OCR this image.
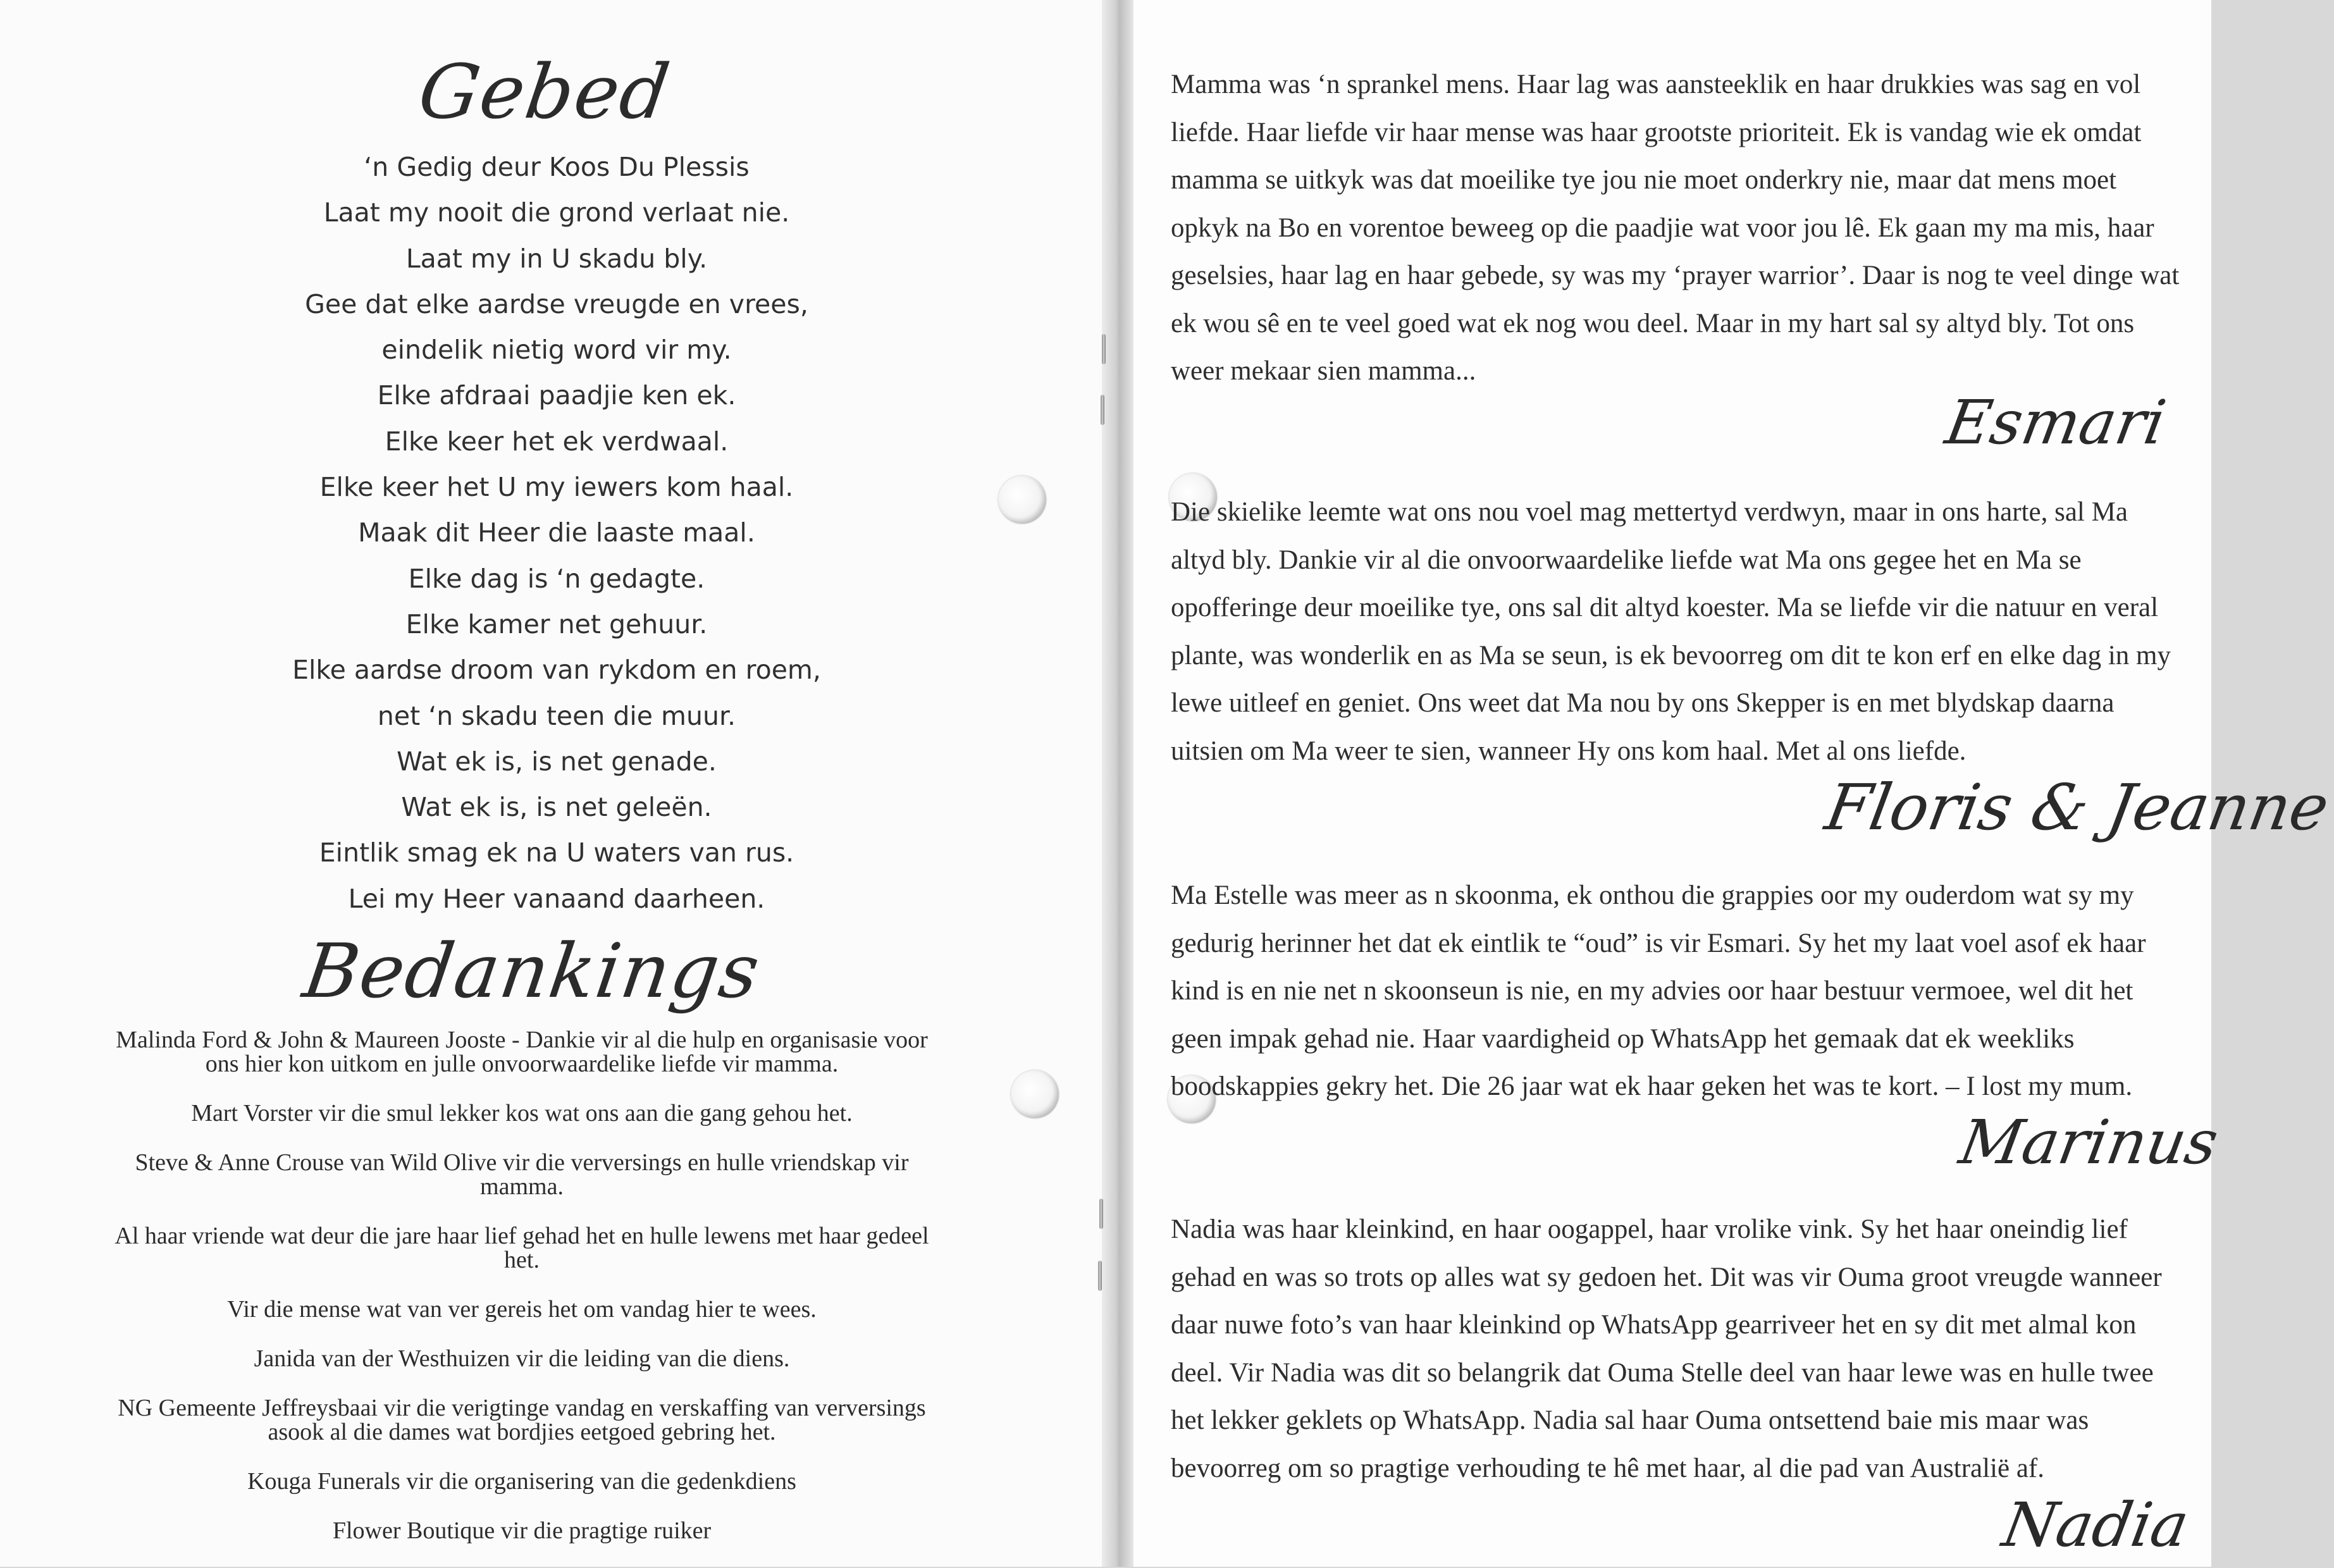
Gebed
‘n Gedig deur Koos Du Plessis
Laat my nooit die grond verlaat nie.
Laat my in U skadu bly.
Gee dat elke aardse vreugde en vrees,
eindelik nietig word vir my.
Elke afdraai paadjie ken ek.
Elke keer het ek verdwaal.
Elke keer het U my iewers kom haal.
Maak dit Heer die laaste maal.
Elke dag is ‘n gedagte.
Elke kamer net gehuur.
Elke aardse droom van rykdom en roem,
net ‘n skadu teen die muur.
Wat ek is, is net genade.
Wat ek is, is net geleën.
Eintlik smag ek na U waters van rus.
Lei my Heer vanaand daarheen.
Bedankings
Malinda Ford & John & Maureen Jooste - Dankie vir al die hulp en organisasie voor ons hier kon uitkom en julle onvoorwaardelike liefde vir mamma.
Mart Vorster vir die smul lekker kos wat ons aan die gang gehou het.
Steve & Anne Crouse van Wild Olive vir die verversings en hulle vriendskap vir mamma.
Al haar vriende wat deur die jare haar lief gehad het en hulle lewens met haar gedeel het.
Vir die mense wat van ver gereis het om vandag hier te wees.
Janida van der Westhuizen vir die leiding van die diens.
NG Gemeente Jeffreysbaai vir die verigtinge vandag en verskaffing van verversings asook al die dames wat bordjies eetgoed gebring het.
Kouga Funerals vir die organisering van die gedenkdiens
Flower Boutique vir die pragtige ruiker

Mamma was ‘n sprankel mens. Haar lag was aansteeklik en haar drukkies was sag en vol liefde. Haar liefde vir haar mense was haar grootste prioriteit. Ek is vandag wie ek omdat mamma se uitkyk was dat moeilike tye jou nie moet onderkry nie, maar dat mens moet opkyk na Bo en vorentoe beweeg op die paadjie wat voor jou lê. Ek gaan my ma mis, haar geselsies, haar lag en haar gebede, sy was my ‘prayer warrior’. Daar is nog te veel dinge wat ek wou sê en te veel goed wat ek nog wou deel. Maar in my hart sal sy altyd bly. Tot ons weer mekaar sien mamma...

Esmari

Die skielike leemte wat ons nou voel mag mettertyd verdwyn, maar in ons harte, sal Ma altyd bly. Dankie vir al die onvoorwaardelike liefde wat Ma ons gegee het en Ma se opofferinge deur moeilike tye, ons sal dit altyd koester. Ma se liefde vir die natuur en veral plante, was wonderlik en as Ma se seun, is ek bevoorreg om dit te kon erf en elke dag in my lewe uitleef en geniet. Ons weet dat Ma nou by ons Skepper is en met blydskap daarna uitsien om Ma weer te sien, wanneer Hy ons kom haal. Met al ons liefde.

Floris & Jeanne

Ma Estelle was meer as n skoonma, ek onthou die grappies oor my ouderdom wat sy my gedurig herinner het dat ek eintlik te “oud” is vir Esmari. Sy het my laat voel asof ek haar kind is en nie net n skoonseun is nie, en my advies oor haar bestuur vermoee, wel dit het geen impak gehad nie. Haar vaardigheid op WhatsApp het gemaak dat ek weekliks boodskappies gekry het. Die 26 jaar wat ek haar geken het was te kort. – I lost my mum.

Marinus

Nadia was haar kleinkind, en haar oogappel, haar vrolike vink. Sy het haar oneindig lief gehad en was so trots op alles wat sy gedoen het. Dit was vir Ouma groot vreugde wanneer daar nuwe foto’s van haar kleinkind op WhatsApp gearriveer het en sy dit met almal kon deel. Vir Nadia was dit so belangrik dat Ouma Stelle deel van haar lewe was en hulle twee het lekker geklets op WhatsApp. Nadia sal haar Ouma ontsettend baie mis maar was bevoorreg om so pragtige verhouding te hê met haar, al die pad van Australië af.

Nadia
